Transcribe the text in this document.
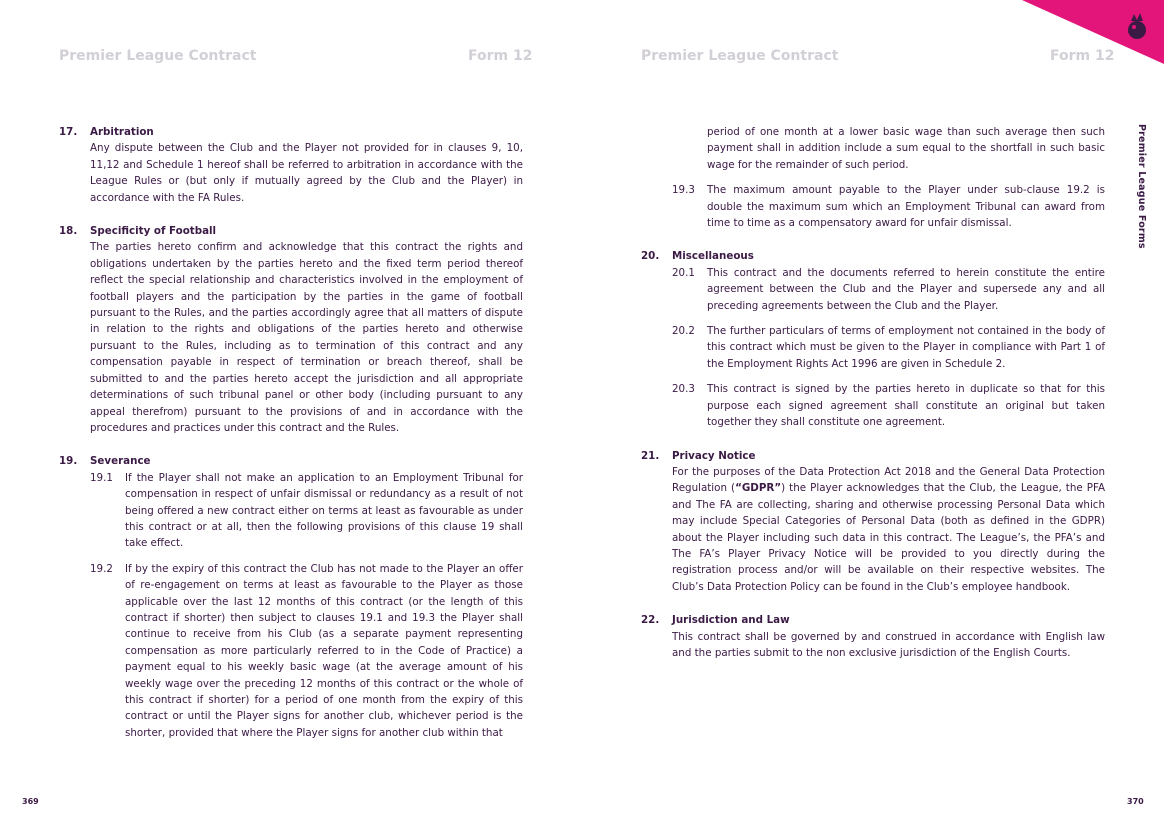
Premier League Contract	Form 12	Premier League Contract	Form 12
Premier League Forms
17. Arbitration

Any dispute between the Club and the Player not provided for in clauses 9, 10, 11,12 and Schedule 1 hereof shall be referred to arbitration in accordance with the League Rules or (but only if mutually agreed by the Club and the Player) in accordance with the FA Rules.

18. Specificity of Football

The parties hereto confirm and acknowledge that this contract the rights and obligations undertaken by the parties hereto and the fixed term period thereof reflect the special relationship and characteristics involved in the employment of football players and the participation by the parties in the game of football pursuant to the Rules, and the parties accordingly agree that all matters of dispute in relation to the rights and obligations of the parties hereto and otherwise pursuant to the Rules, including as to termination of this contract and any compensation payable in respect of termination or breach thereof, shall be submitted to and the parties hereto accept the jurisdiction and all appropriate determinations of such tribunal panel or other body (including pursuant to any appeal therefrom) pursuant to the provisions of and in accordance with the procedures and practices under this contract and the Rules.

19. Severance

19.1 If the Player shall not make an application to an Employment Tribunal for compensation in respect of unfair dismissal or redundancy as a result of not being offered a new contract either on terms at least as favourable as under this contract or at all, then the following provisions of this clause 19 shall take effect.

19.2 If by the expiry of this contract the Club has not made to the Player an offer of re-engagement on terms at least as favourable to the Player as those applicable over the last 12 months of this contract (or the length of this contract if shorter) then subject to clauses 19.1 and 19.3 the Player shall continue to receive from his Club (as a separate payment representing compensation as more particularly referred to in the Code of Practice) a payment equal to his weekly basic wage (at the average amount of his weekly wage over the preceding 12 months of this contract or the whole of this contract if shorter) for a period of one month from the expiry of this contract or until the Player signs for another club, whichever period is the shorter, provided that where the Player signs for another club within that

period of one month at a lower basic wage than such average then such payment shall in addition include a sum equal to the shortfall in such basic wage for the remainder of such period.

19.3 The maximum amount payable to the Player under sub-clause 19.2 is double the maximum sum which an Employment Tribunal can award from time to time as a compensatory award for unfair dismissal.

20. Miscellaneous

20.1 This contract and the documents referred to herein constitute the entire agreement between the Club and the Player and supersede any and all preceding agreements between the Club and the Player.

20.2 The further particulars of terms of employment not contained in the body of this contract which must be given to the Player in compliance with Part 1 of the Employment Rights Act 1996 are given in Schedule 2.

20.3 This contract is signed by the parties hereto in duplicate so that for this purpose each signed agreement shall constitute an original but taken together they shall constitute one agreement.

21. Privacy Notice

For the purposes of the Data Protection Act 2018 and the General Data Protection Regulation (“GDPR”) the Player acknowledges that the Club, the League, the PFA and The FA are collecting, sharing and otherwise processing Personal Data which may include Special Categories of Personal Data (both as defined in the GDPR) about the Player including such data in this contract. The League’s, the PFA’s and The FA’s Player Privacy Notice will be provided to you directly during the registration process and/or will be available on their respective websites. The Club’s Data Protection Policy can be found in the Club’s employee handbook.

22. Jurisdiction and Law

This contract shall be governed by and construed in accordance with English law and the parties submit to the non exclusive jurisdiction of the English Courts.

369	370
